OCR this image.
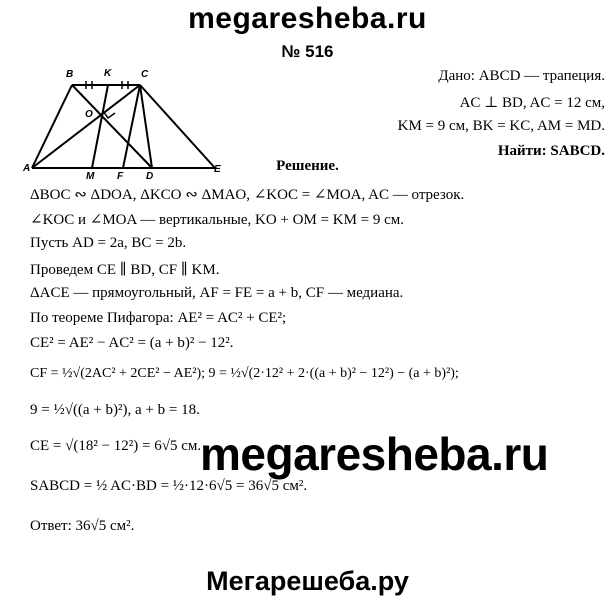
megaresheba.ru
megaresheba.ru
Мегарешеба.ру
№ 516
B	K	C
O
A
M F D
E
Дано: ABCD — трапеция.
AC ⊥ BD, AC = 12 см,
KM = 9 см, BK = KC, AM = MD.
Найти: SABCD.
Решение.
ΔBOC ∾ ΔDOA, ΔKCO ∾ ΔMAO, ∠KOC = ∠MOA, AC — отрезок.
∠KOC и ∠MOA — вертикальные, KO + OM = KM = 9 см.
Пусть AD = 2a, BC = 2b.
Проведем CE ∥ BD, CF ∥ KM.
ΔACE — прямоугольный, AF = FE = a + b, CF — медиана.
По теореме Пифагора: AE² = AC² + CE²;
CE² = AE² − AC² = (a + b)² − 12².
CF = ½√(2AC² + 2CE² − AE²); 9 = ½√(2·12² + 2·((a + b)² − 12²) − (a + b)²);
9 = ½√((a + b)²), a + b = 18.
CE = √(18² − 12²) = 6√5 см.
SABCD = ½ AC·BD = ½·12·6√5 = 36√5 см².
Ответ: 36√5 см².
